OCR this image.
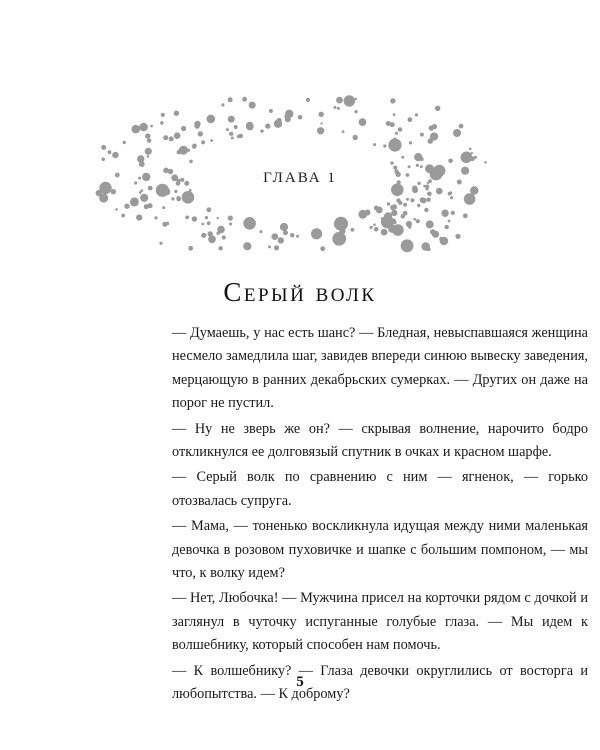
ГЛАВА 1
Серый волк

— Думаешь, у нас есть шанс? — Бледная, невыспавшаяся женщина несмело замедлила шаг, завидев впереди синюю вывеску заведения, мерцающую в ранних декабрьских сумерках. — Других он даже на порог не пустил.

— Ну не зверь же он? — скрывая волнение, нарочито бодро откликнулся ее долговязый спутник в очках и красном шарфе.

— Серый волк по сравнению с ним — ягненок, — горько отозвалась супруга.

— Мама, — тоненько воскликнула идущая между ними маленькая девочка в розовом пуховичке и шапке с большим помпоном, — мы что, к волку идем?

— Нет, Любочка! — Мужчина присел на корточки рядом с дочкой и заглянул в чуточку испуганные голубые глаза. — Мы идем к волшебнику, который способен нам помочь.

— К волшебнику? — Глаза девочки округлились от восторга и любопытства. — К доброму?

5
